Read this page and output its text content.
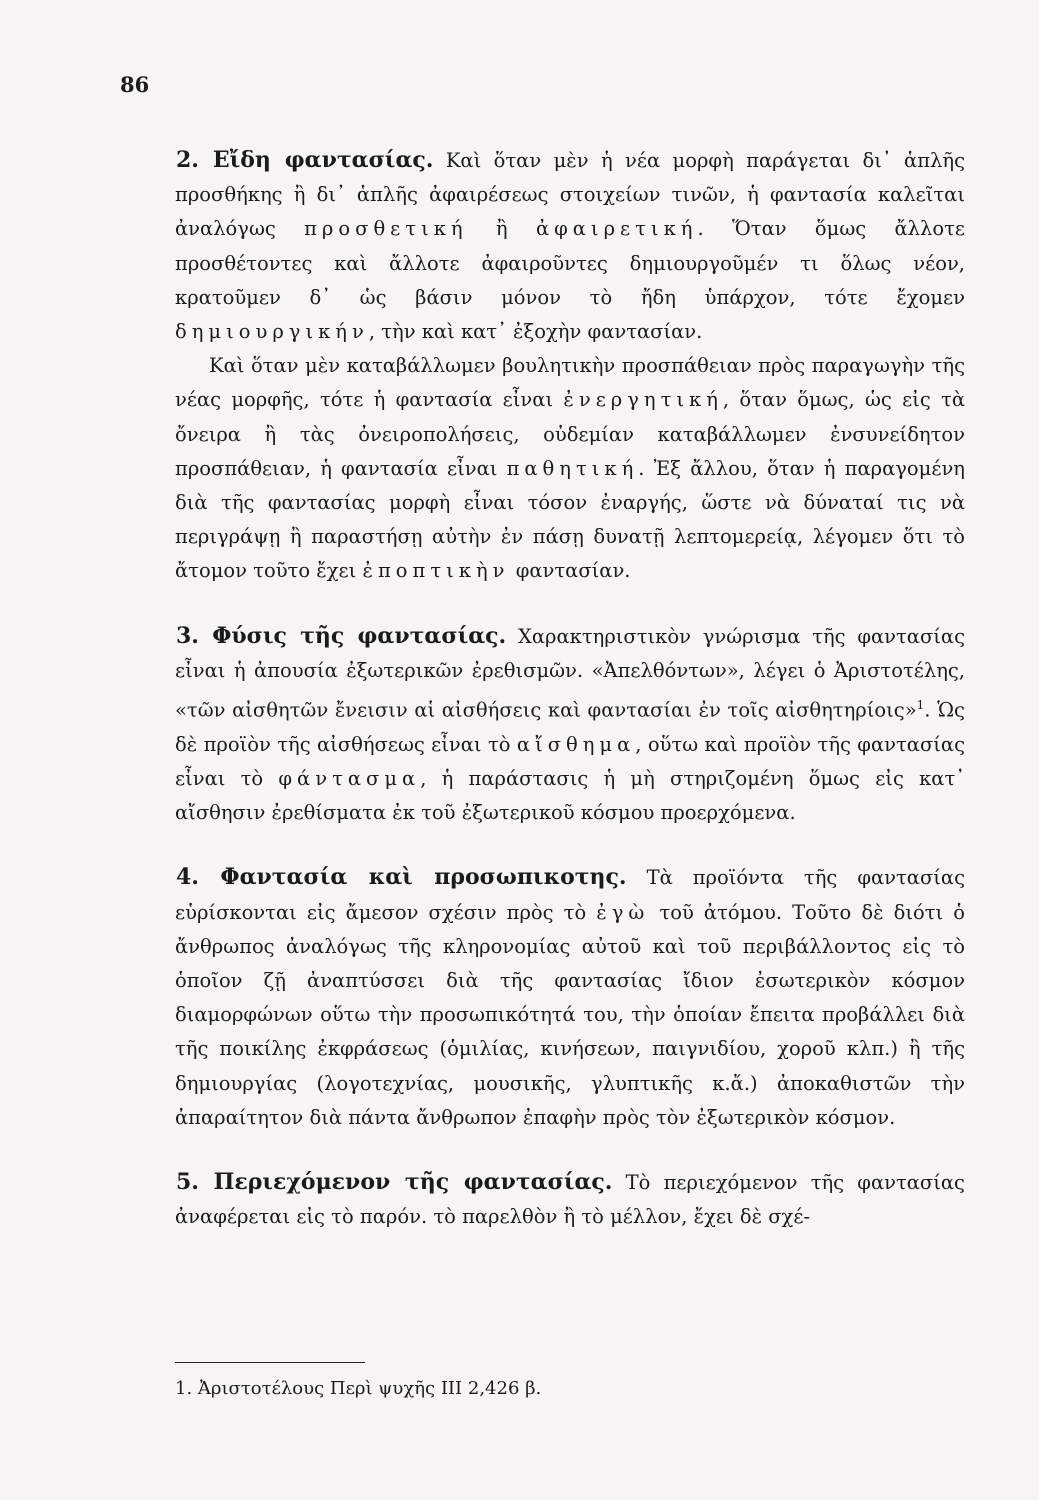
86

2. Εἴδη φαντασίας. Καὶ ὅταν μὲν ἡ νέα μορφὴ παράγεται δι᾽ ἁπλῆς προσθήκης ἢ δι᾽ ἁπλῆς ἀφαιρέσεως στοιχείων τινῶν, ἡ φαντασία καλεῖται ἀναλόγως προσθετική ἢ ἀφαιρετική. Ὅταν ὅμως ἄλλοτε προσθέτοντες καὶ ἄλλοτε ἀφαιροῦντες δημιουργοῦμέν τι ὅλως νέον, κρατοῦμεν δ᾽ ὡς βάσιν μόνον τὸ ἤδη ὑπάρχον, τότε ἔχομεν δημιουργικήν, τὴν καὶ κατ᾽ ἐξοχὴν φαντασίαν.

Καὶ ὅταν μὲν καταβάλλωμεν βουλητικὴν προσπάθειαν πρὸς παραγωγὴν τῆς νέας μορφῆς, τότε ἡ φαντασία εἶναι ἐνεργητική, ὅταν ὅμως, ὡς εἰς τὰ ὄνειρα ἢ τὰς ὀνειροπολήσεις, οὐδεμίαν καταβάλλωμεν ἐνσυνείδητον προσπάθειαν, ἡ φαντασία εἶναι παθητική. Ἐξ ἄλλου, ὅταν ἡ παραγομένη διὰ τῆς φαντασίας μορφὴ εἶναι τόσον ἐναργής, ὥστε νὰ δύναταί τις νὰ περιγράψῃ ἢ παραστήσῃ αὐτὴν ἐν πάσῃ δυνατῇ λεπτομερείᾳ, λέγομεν ὅτι τὸ ἄτομον τοῦτο ἔχει ἐποπτικὴν φαντασίαν.

3. Φύσις τῆς φαντασίας. Χαρακτηριστικὸν γνώρισμα τῆς φαντασίας εἶναι ἡ ἀπουσία ἐξωτερικῶν ἐρεθισμῶν. «Ἀπελθόντων», λέγει ὁ Ἀριστοτέλης, «τῶν αἰσθητῶν ἔνεισιν αἱ αἰσθήσεις καὶ φαντασίαι ἐν τοῖς αἰσθητηρίοις»$^1$. Ὡς δὲ προϊὸν τῆς αἰσθήσεως εἶναι τὸ αἴσθημα, οὕτω καὶ προϊὸν τῆς φαντασίας εἶναι τὸ φάντασμα, ἡ παράστασις ἡ μὴ στηριζομένη ὅμως εἰς κατ᾽ αἴσθησιν ἐρεθίσματα ἐκ τοῦ ἐξωτερικοῦ κόσμου προερχόμενα.

4. Φαντασία καὶ προσωπικοτης. Τὰ προϊόντα τῆς φαντασίας εὑρίσκονται εἰς ἄμεσον σχέσιν πρὸς τὸ ἐγὼ τοῦ ἀτόμου. Τοῦτο δὲ διότι ὁ ἄνθρωπος ἀναλόγως τῆς κληρονομίας αὐτοῦ καὶ τοῦ περιβάλλοντος εἰς τὸ ὁποῖον ζῇ ἀναπτύσσει διὰ τῆς φαντασίας ἴδιον ἐσωτερικὸν κόσμον διαμορφώνων οὕτω τὴν προσωπικότητά του, τὴν ὁποίαν ἔπειτα προβάλλει διὰ τῆς ποικίλης ἐκφράσεως (ὁμιλίας, κινήσεων, παιγνιδίου, χοροῦ κλπ.) ἢ τῆς δημιουργίας (λογοτεχνίας, μουσικῆς, γλυπτικῆς κ.ἄ.) ἀποκαθιστῶν τὴν ἀπαραίτητον διὰ πάντα ἄνθρωπον ἐπαφὴν πρὸς τὸν ἐξωτερικὸν κόσμον.

5. Περιεχόμενον τῆς φαντασίας. Τὸ περιεχόμενον τῆς φαντασίας ἀναφέρεται εἰς τὸ παρόν. τὸ παρελθὸν ἢ τὸ μέλλον, ἔχει δὲ σχέ-

1. Ἀριστοτέλους Περὶ ψυχῆς ΙΙΙ 2,426 β.
